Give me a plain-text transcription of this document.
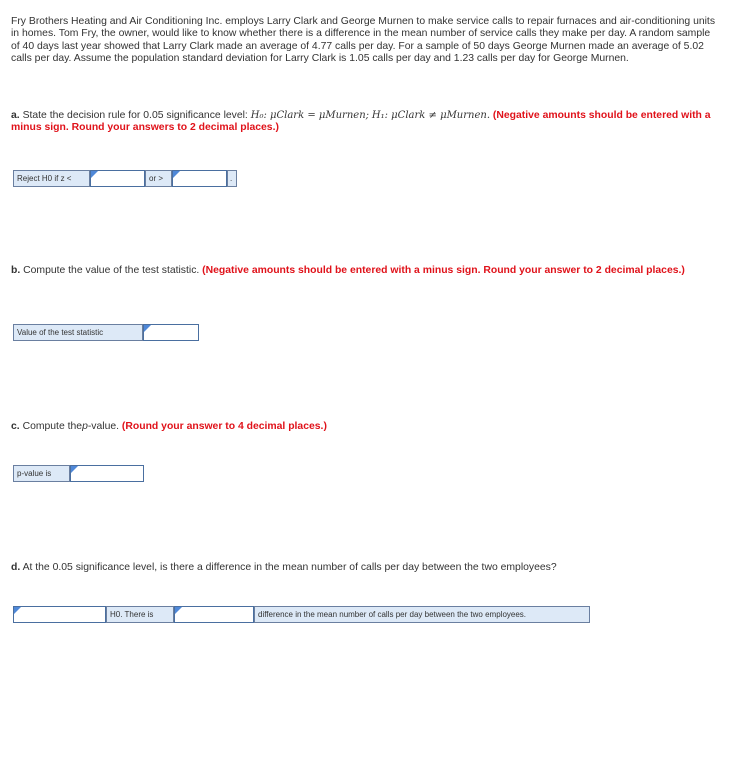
Fry Brothers Heating and Air Conditioning Inc. employs Larry Clark and George Murnen to make service calls to repair furnaces and air-conditioning units in homes. Tom Fry, the owner, would like to know whether there is a difference in the mean number of service calls they make per day. A random sample of 40 days last year showed that Larry Clark made an average of 4.77 calls per day. For a sample of 50 days George Murnen made an average of 5.02 calls per day. Assume the population standard deviation for Larry Clark is 1.05 calls per day and 1.23 calls per day for George Murnen.
a. State the decision rule for 0.05 significance level: H₀: μClark = μMurnen; H₁: μClark ≠ μMurnen. (Negative amounts should be entered with a minus sign. Round your answers to 2 decimal places.)
Reject H0 if z <	or >	.
b. Compute the value of the test statistic. (Negative amounts should be entered with a minus sign. Round your answer to 2 decimal places.)
Value of the test statistic
c. Compute thep-value. (Round your answer to 4 decimal places.)
p-value is
d. At the 0.05 significance level, is there a difference in the mean number of calls per day between the two employees?
H0. There is	difference in the mean number of calls per day between the two employees.
